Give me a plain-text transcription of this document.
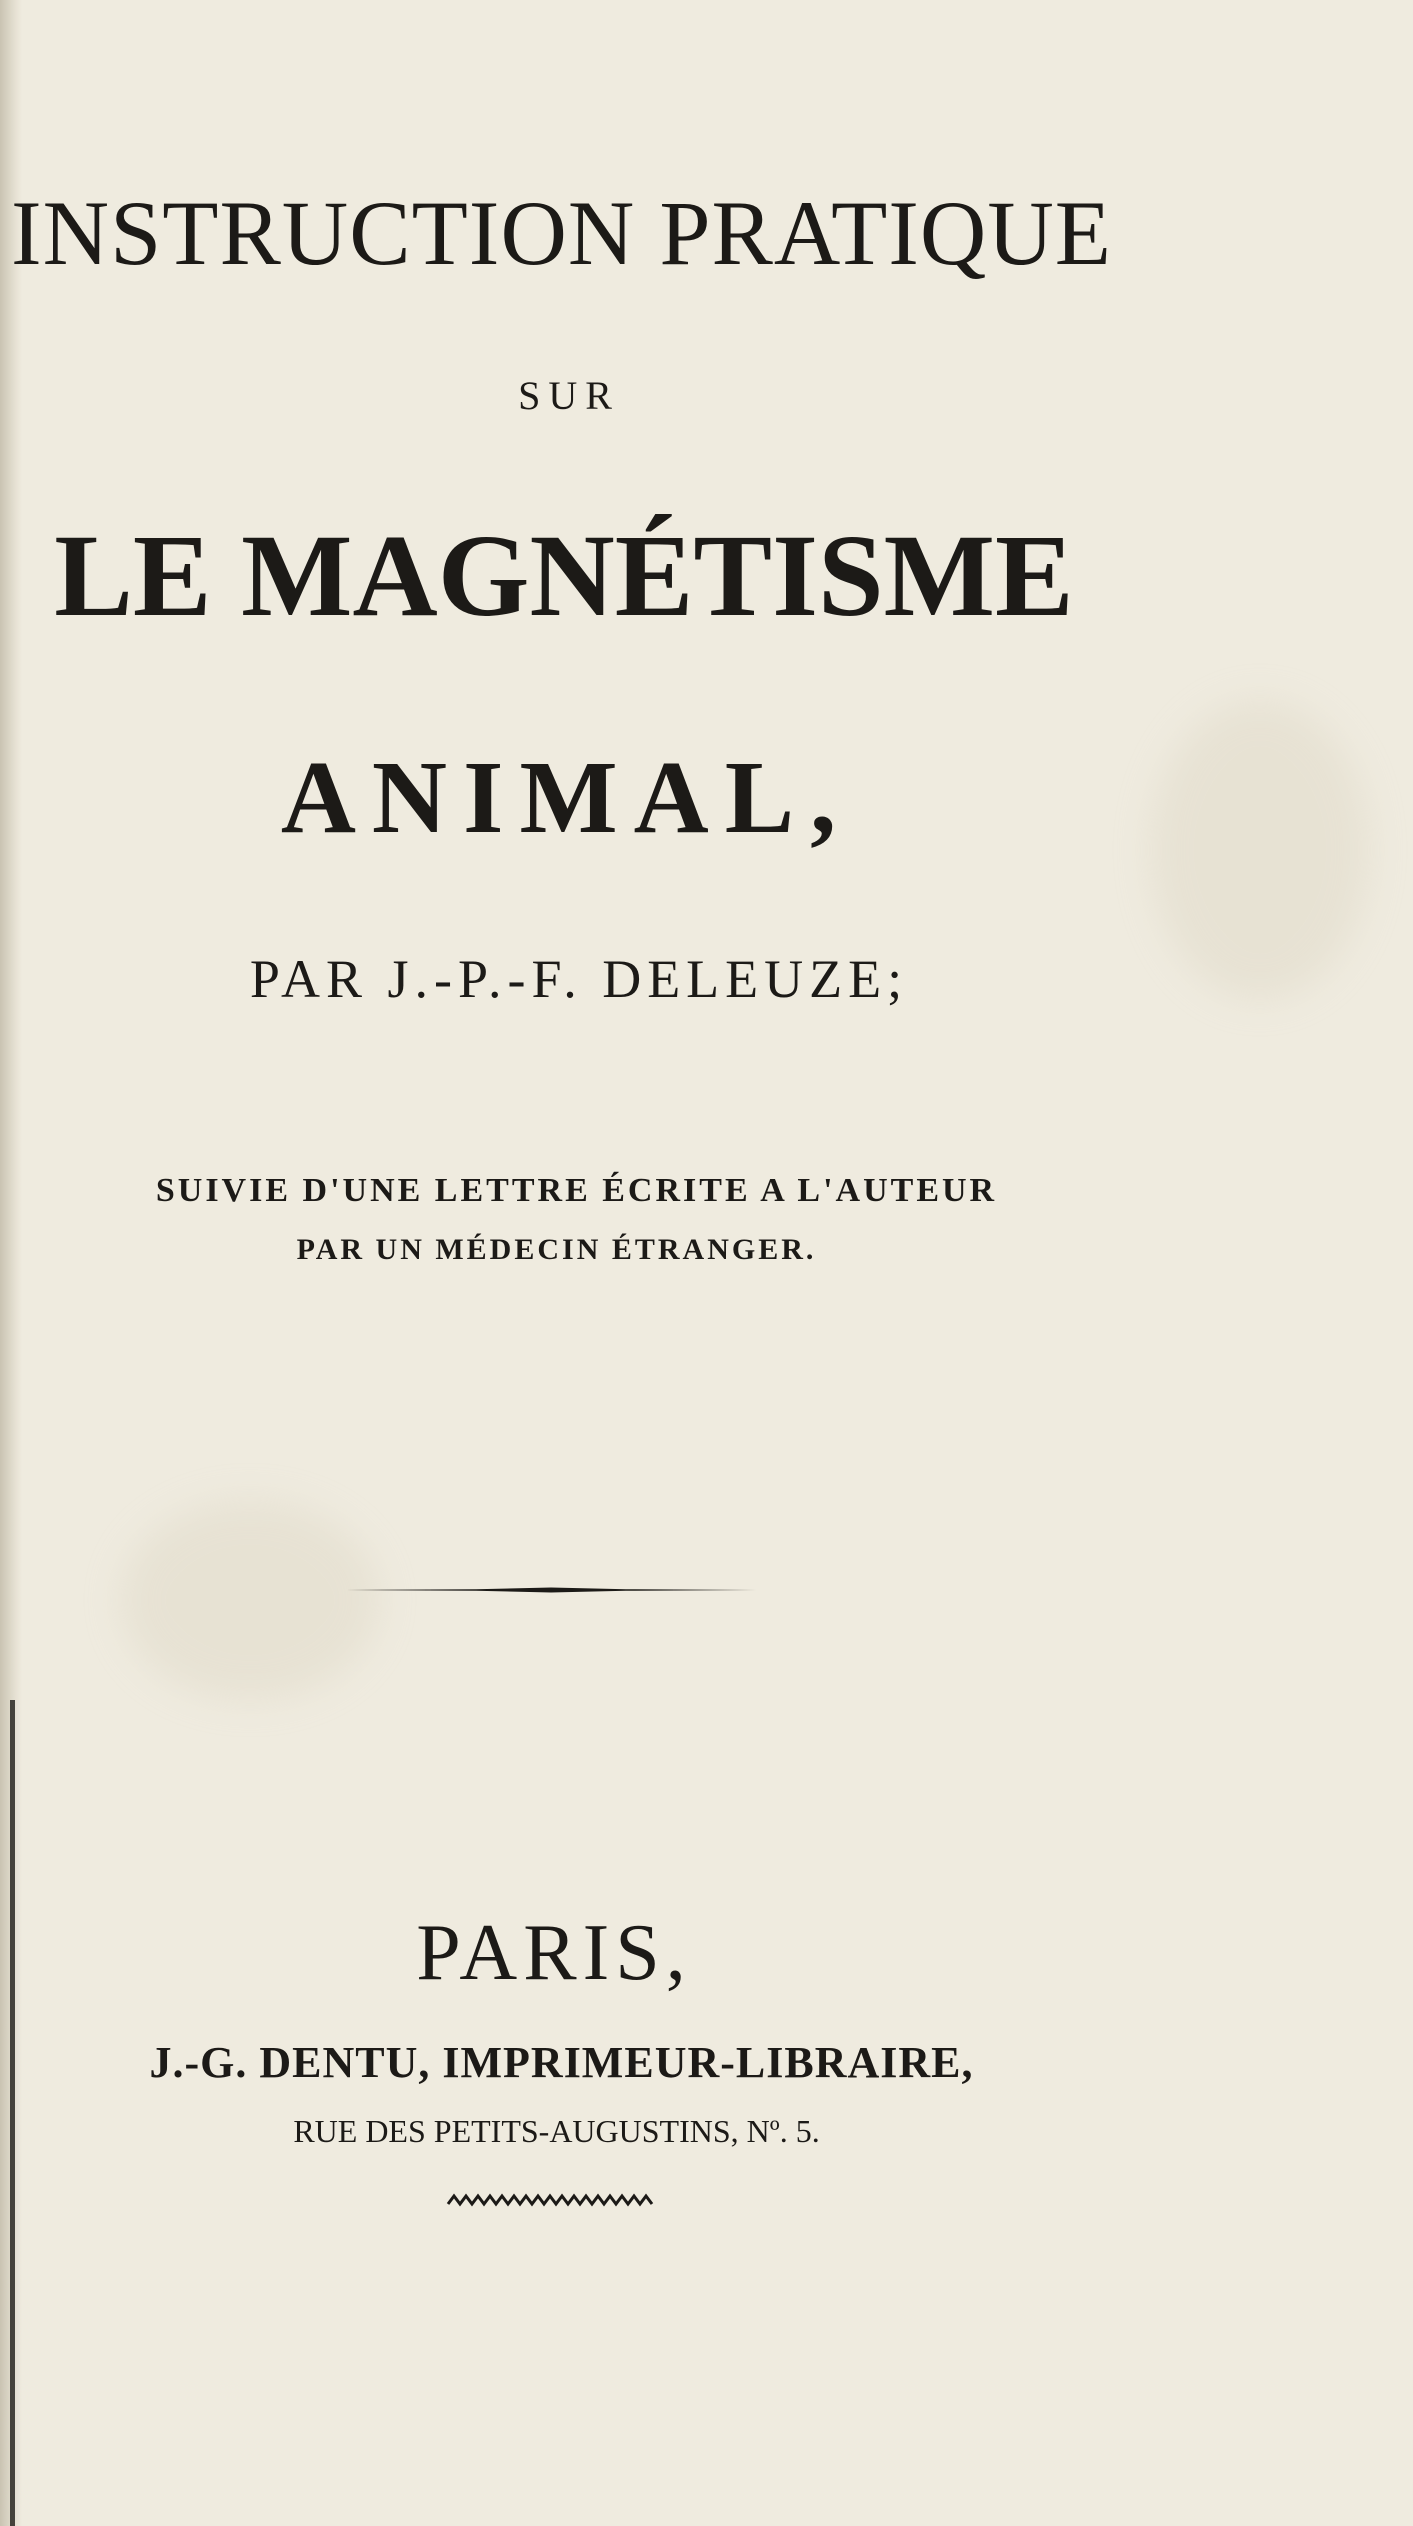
INSTRUCTION PRATIQUE

SUR

LE MAGNÉTISME
ANIMAL,

PAR J.-P.-F. DELEUZE;

SUIVIE D'UNE LETTRE ÉCRITE A L'AUTEUR

PAR UN MÉDECIN ÉTRANGER.

PARIS,

J.-G. DENTU, IMPRIMEUR-LIBRAIRE,

RUE DES PETITS-AUGUSTINS, Nº. 5.
